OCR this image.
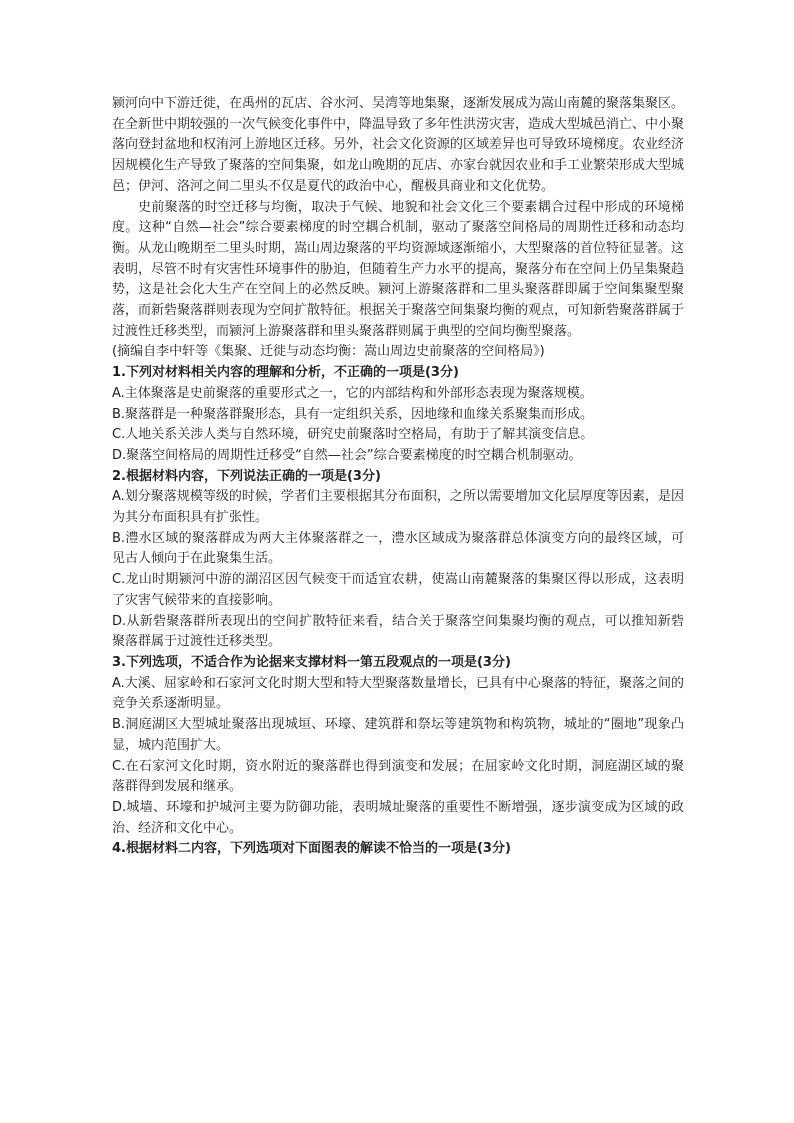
颍河向中下游迁徙，在禹州的瓦店、谷水河、吴湾等地集聚，逐渐发展成为嵩山南麓的聚落集聚区。在全新世中期较强的一次气候变化事件中，降温导致了多年性洪涝灾害，造成大型城邑消亡、中小聚落向登封盆地和权洧河上游地区迁移。另外，社会文化资源的区域差异也可导致环境梯度。农业经济因规模化生产导致了聚落的空间集聚，如龙山晚期的瓦店、亦家台就因农业和手工业繁荣形成大型城邑；伊河、洛河之间二里头不仅是夏代的政治中心，醒极具商业和文化优势。

史前聚落的时空迁移与均衡，取决于气候、地貌和社会文化三个要素耦合过程中形成的环境梯度。这种“自然—社会”综合要素梯度的时空耦合机制，驱动了聚落空间格局的周期性迁移和动态均衡。从龙山晚期至二里头时期，嵩山周边聚落的平均资源域逐渐缩小，大型聚落的首位特征显著。这表明，尽管不时有灾害性环境事件的胁迫，但随着生产力水平的提高，聚落分布在空间上仍呈集聚趋势，这是社会化大生产在空间上的必然反映。颍河上游聚落群和二里头聚落群即属于空间集聚型聚落，而新砦聚落群则表现为空间扩散特征。根据关于聚落空间集聚均衡的观点，可知新砦聚落群属于过渡性迁移类型，而颍河上游聚落群和里头聚落群则属于典型的空间均衡型聚落。

(摘编自李中轩等《集聚、迁徙与动态均衡：嵩山周边史前聚落的空间格局》)

1.下列对材料相关内容的理解和分析，不正确的一项是(3分)

A.主体聚落是史前聚落的重要形式之一，它的内部结构和外部形态表现为聚落规模。

B.聚落群是一种聚落群聚形态，具有一定组织关系，因地缘和血缘关系聚集而形成。

C.人地关系关涉人类与自然环境，研究史前聚落时空格局，有助于了解其演变信息。

D.聚落空间格局的周期性迁移受“自然—社会”综合要素梯度的时空耦合机制驱动。

2.根据材料内容，下列说法正确的一项是(3分)

A.划分聚落规模等级的时候，学者们主要根据其分布面积，之所以需要增加文化层厚度等因素，是因为其分布面积具有扩张性。

B.澧水区域的聚落群成为两大主体聚落群之一，澧水区域成为聚落群总体演变方向的最终区域，可见古人倾向于在此聚集生活。

C.龙山时期颍河中游的湖沼区因气候变干而适宜农耕，使嵩山南麓聚落的集聚区得以形成，这表明了灾害气候带来的直接影响。

D.从新砦聚落群所表现出的空间扩散特征来看，结合关于聚落空间集聚均衡的观点，可以推知新砦聚落群属于过渡性迁移类型。

3.下列选项，不适合作为论据来支撑材料一第五段观点的一项是(3分)

A.大溪、屈家岭和石家河文化时期大型和特大型聚落数量增长，已具有中心聚落的特征，聚落之间的竞争关系逐渐明显。

B.洞庭湖区大型城址聚落出现城垣、环壕、建筑群和祭坛等建筑物和构筑物，城址的“圈地”现象凸显，城内范围扩大。

C.在石家河文化时期，资水附近的聚落群也得到演变和发展；在屈家岭文化时期，洞庭湖区域的聚落群得到发展和继承。

D.城墙、环壕和护城河主要为防御功能，表明城址聚落的重要性不断增强，逐步演变成为区域的政治、经济和文化中心。

4.根据材料二内容，下列选项对下面图表的解读不恰当的一项是(3分)
